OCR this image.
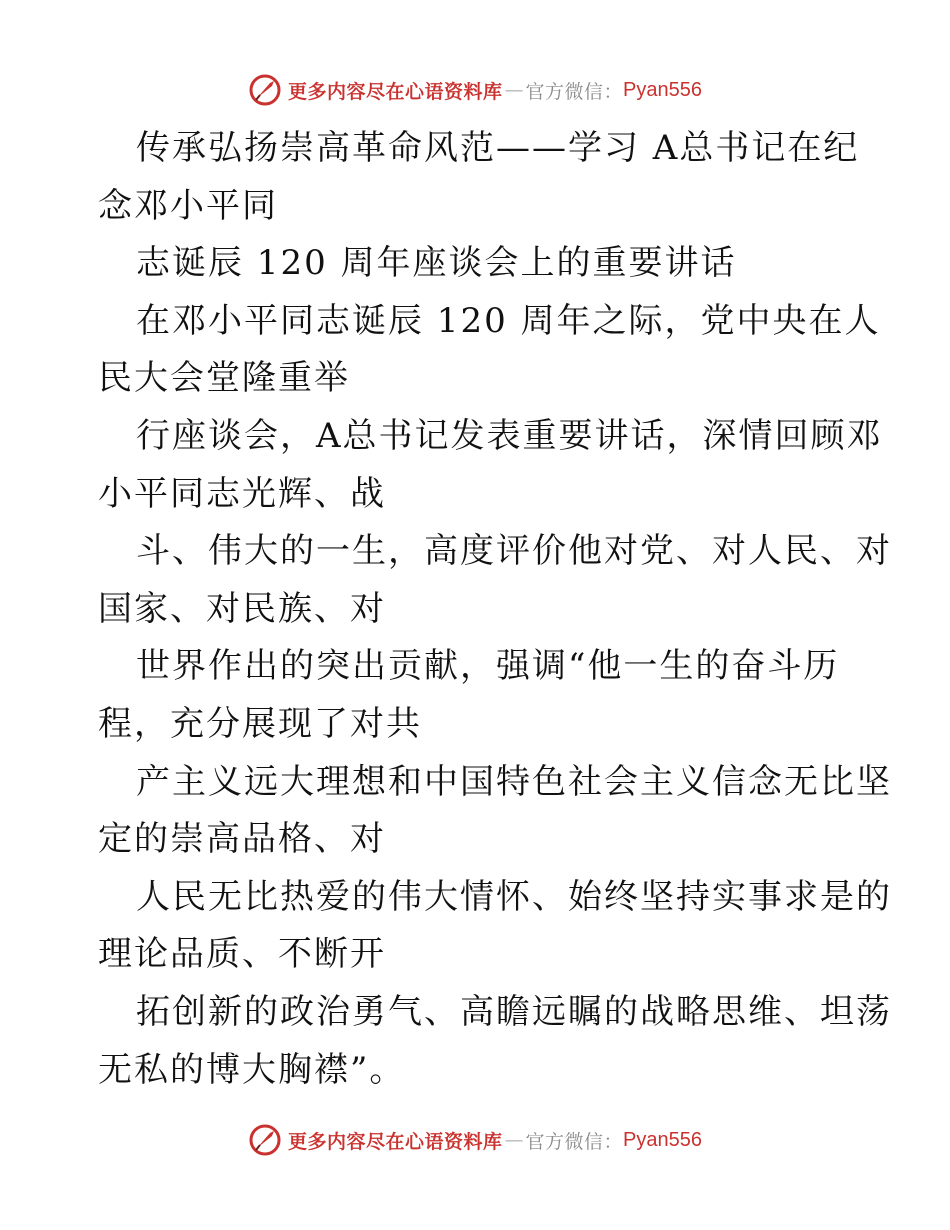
更多内容尽在心语资料库 — 官方微信： Pyan556
传承弘扬崇高革命风范——学习 A总书记在纪
念邓小平同
志诞辰 120 周年座谈会上的重要讲话
在邓小平同志诞辰 120 周年之际，党中央在人
民大会堂隆重举
行座谈会，A总书记发表重要讲话，深情回顾邓
小平同志光辉、战
斗、伟大的一生，高度评价他对党、对人民、对
国家、对民族、对
世界作出的突出贡献，强调“他一生的奋斗历
程，充分展现了对共
产主义远大理想和中国特色社会主义信念无比坚
定的崇高品格、对
人民无比热爱的伟大情怀、始终坚持实事求是的
理论品质、不断开
拓创新的政治勇气、高瞻远瞩的战略思维、坦荡
无私的博大胸襟”。
更多内容尽在心语资料库 — 官方微信： Pyan556
